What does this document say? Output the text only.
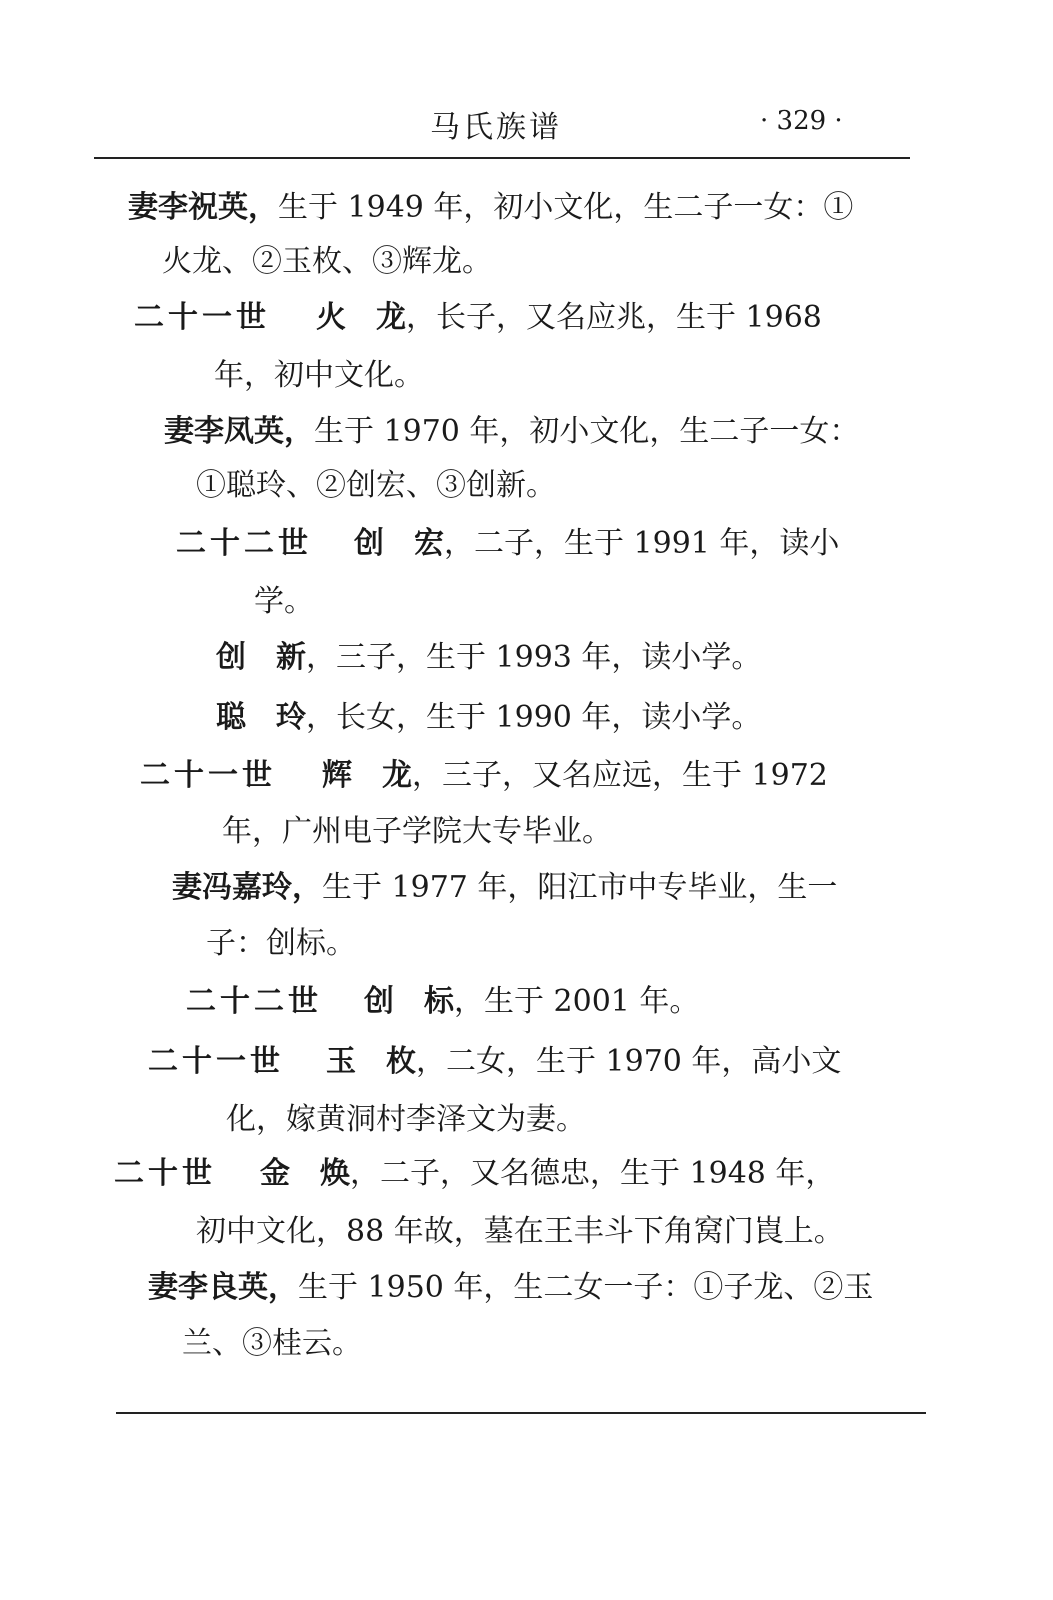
马氏族谱	· 329 ·
妻李祝英，生于 1949 年，初小文化，生二子一女：①
火龙、②玉枚、③辉龙。
二十一世 火　龙，长子，又名应兆，生于 1968
年，初中文化。
妻李凤英，生于 1970 年，初小文化，生二子一女：
①聪玲、②创宏、③创新。
二十二世 创　宏，二子，生于 1991 年，读小
学。
创　新，三子，生于 1993 年，读小学。
聪　玲，长女，生于 1990 年，读小学。
二十一世 辉　龙，三子，又名应远，生于 1972
年，广州电子学院大专毕业。
妻冯嘉玲，生于 1977 年，阳江市中专毕业，生一
子：创标。
二十二世 创　标，生于 2001 年。
二十一世 玉　枚，二女，生于 1970 年，高小文
化，嫁黄洞村李泽文为妻。
二十世 金　焕，二子，又名德忠，生于 1948 年，
初中文化，88 年故，墓在王丰斗下角窝门崀上。
妻李良英，生于 1950 年，生二女一子：①子龙、②玉
兰、③桂云。
